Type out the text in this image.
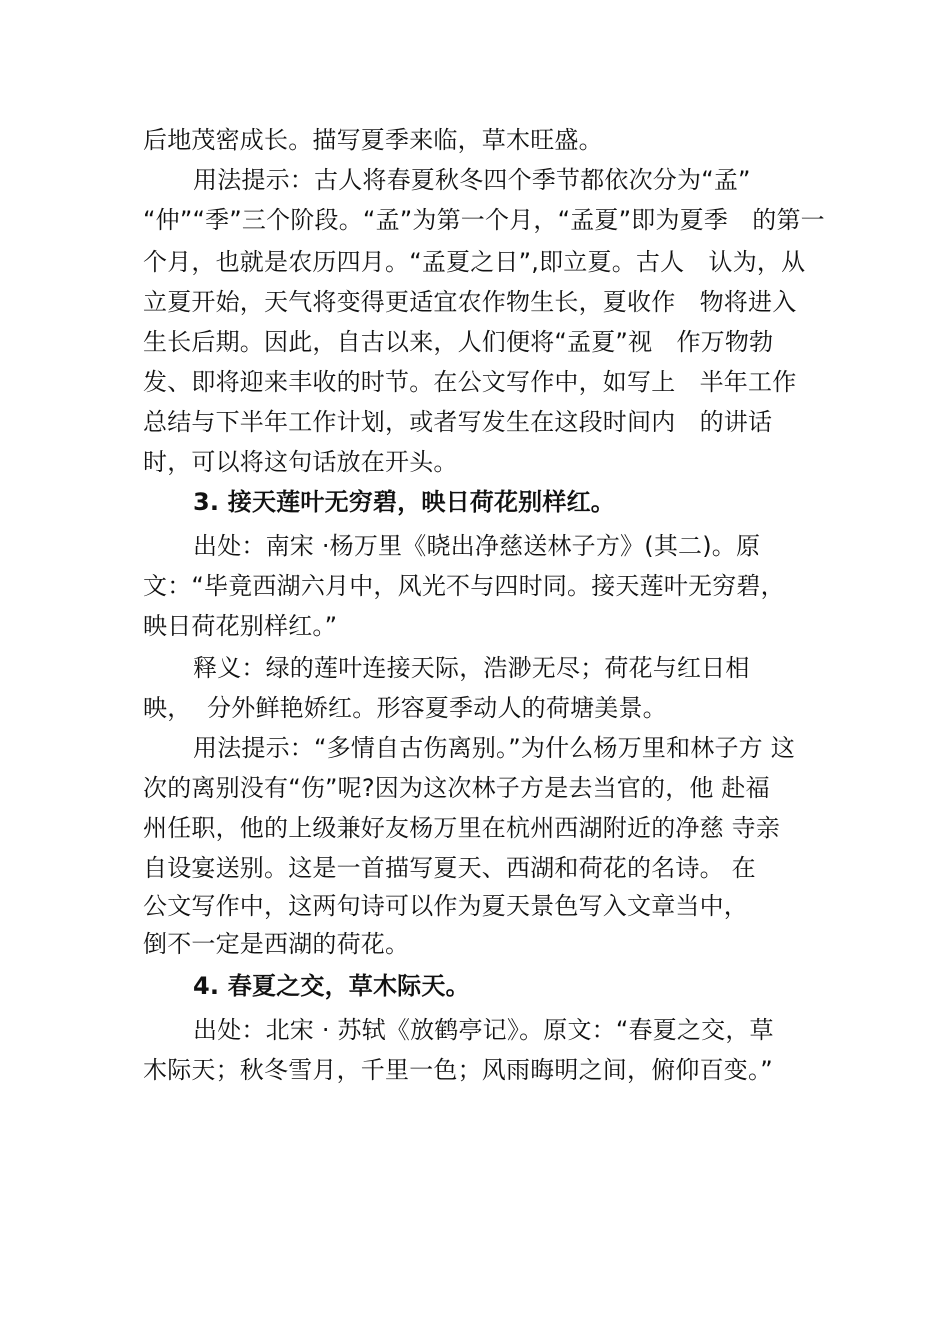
后地茂密成长。描写夏季来临，草木旺盛。
用法提示：古人将春夏秋冬四个季节都依次分为“孟”
“仲”“季”三个阶段。“孟”为第一个月，“孟夏”即为夏季　的第一
个月，也就是农历四月。“孟夏之日”,即立夏。古人　认为，从
立夏开始，天气将变得更适宜农作物生长，夏收作　物将进入
生长后期。因此，自古以来，人们便将“孟夏”视　作万物勃
发、即将迎来丰收的时节。在公文写作中，如写上　半年工作
总结与下半年工作计划，或者写发生在这段时间内　的讲话
时，可以将这句话放在开头。
3. 接天莲叶无穷碧，映日荷花别样红。
出处：南宋 ·杨万里《晓出净慈送林子方》(其二)。原
文：“毕竟西湖六月中，风光不与四时同。接天莲叶无穷碧，
映日荷花别样红。”
释义：绿的莲叶连接天际，浩渺无尽；荷花与红日相
映，  分外鲜艳娇红。形容夏季动人的荷塘美景。
用法提示：“多情自古伤离别。”为什么杨万里和林子方 这
次的离别没有“伤”呢?因为这次林子方是去当官的，他 赴福
州任职，他的上级兼好友杨万里在杭州西湖附近的净慈 寺亲
自设宴送别。这是一首描写夏天、西湖和荷花的名诗。 在
公文写作中，这两句诗可以作为夏天景色写入文章当中，
倒不一定是西湖的荷花。
4. 春夏之交，草木际天。
出处：北宋 · 苏轼《放鹤亭记》。原文：“春夏之交，草
木际天；秋冬雪月，千里一色；风雨晦明之间，俯仰百变。”
